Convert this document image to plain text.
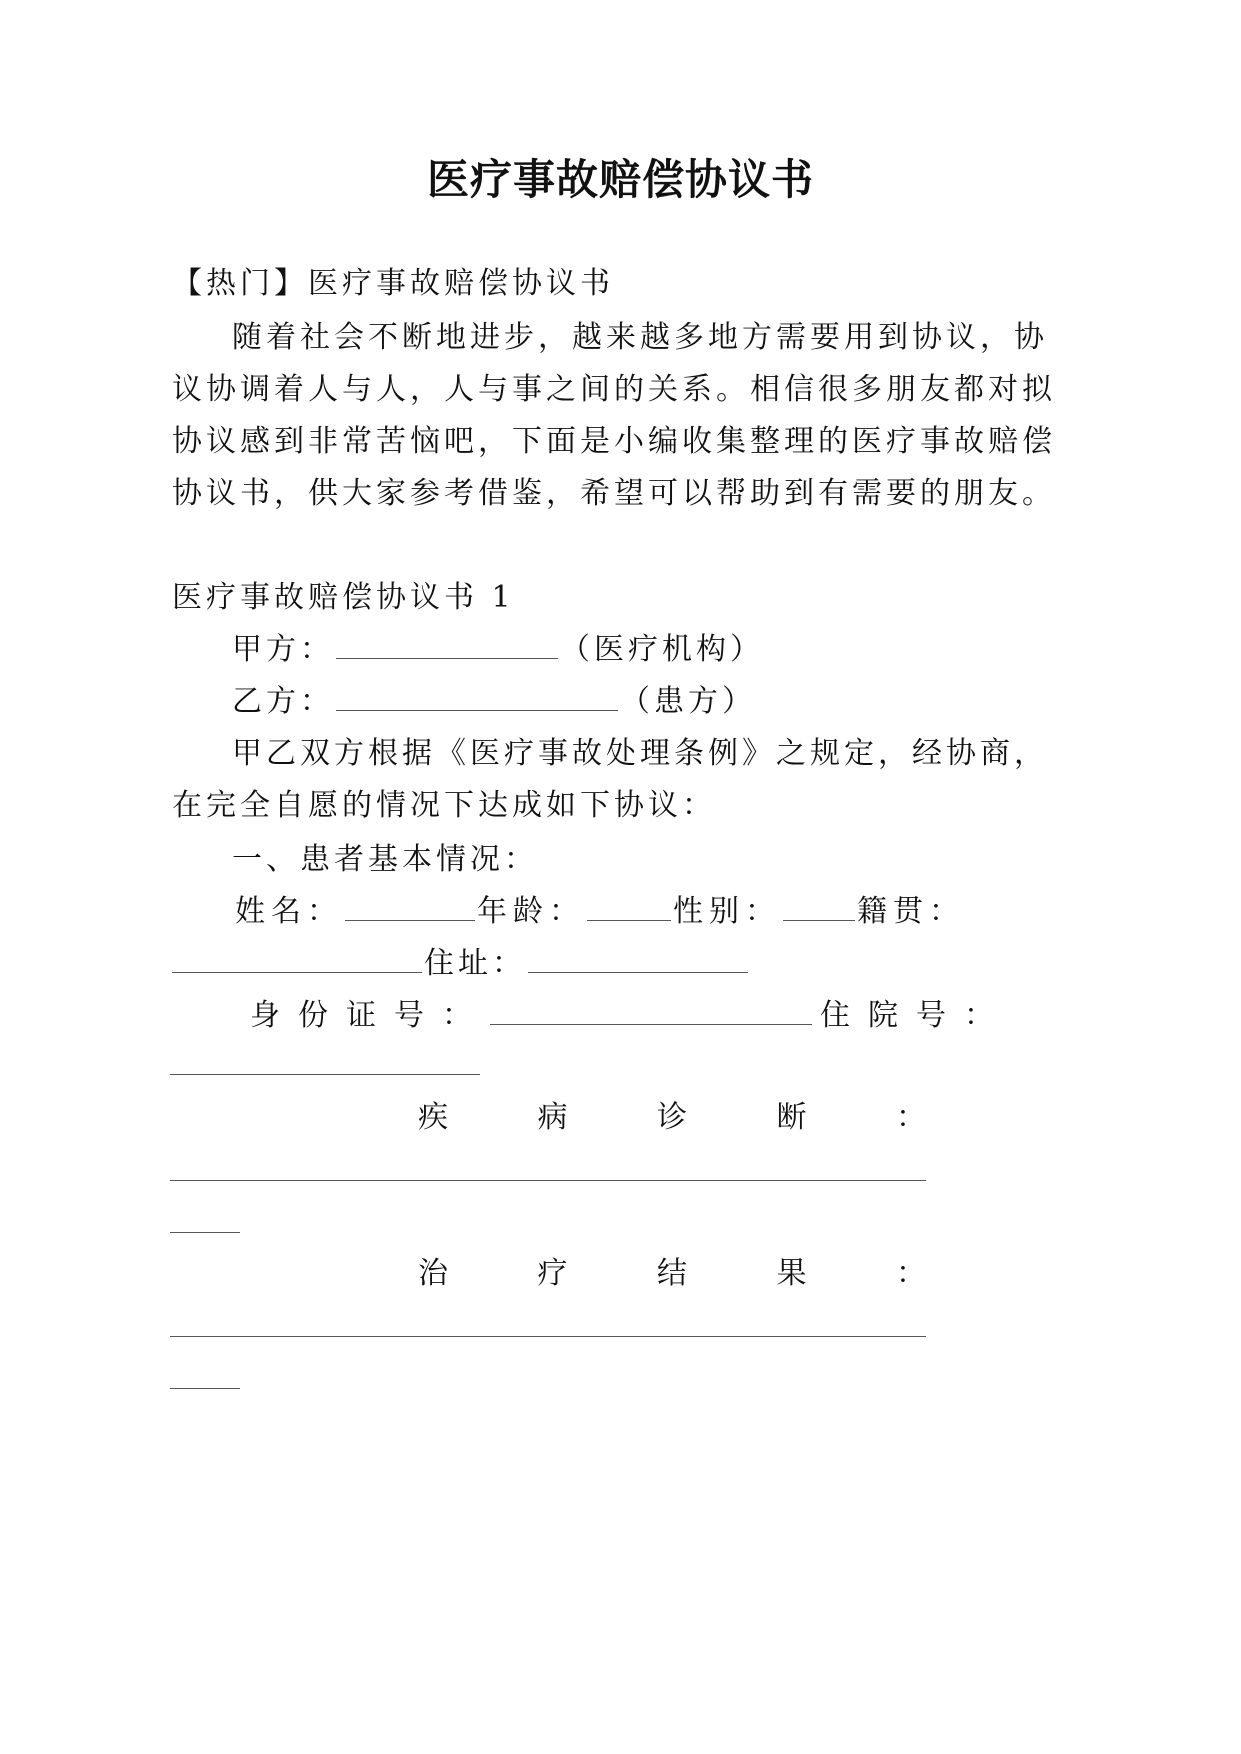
医疗事故赔偿协议书
【热门】医疗事故赔偿协议书
随着社会不断地进步，越来越多地方需要用到协议，协
议协调着人与人，人与事之间的关系。相信很多朋友都对拟
协议感到非常苦恼吧，下面是小编收集整理的医疗事故赔偿
协议书，供大家参考借鉴，希望可以帮助到有需要的朋友。
医疗事故赔偿协议书 1
甲方：	（医疗机构）
乙方：	（患方）
甲乙双方根据《医疗事故处理条例》之规定，经协商，
在完全自愿的情况下达成如下协议：
一、患者基本情况：
姓名：	年龄：	性别：	籍贯：
住址：
身份证号：	住院号：
疾	病	诊	断	：
治	疗	结	果	：
